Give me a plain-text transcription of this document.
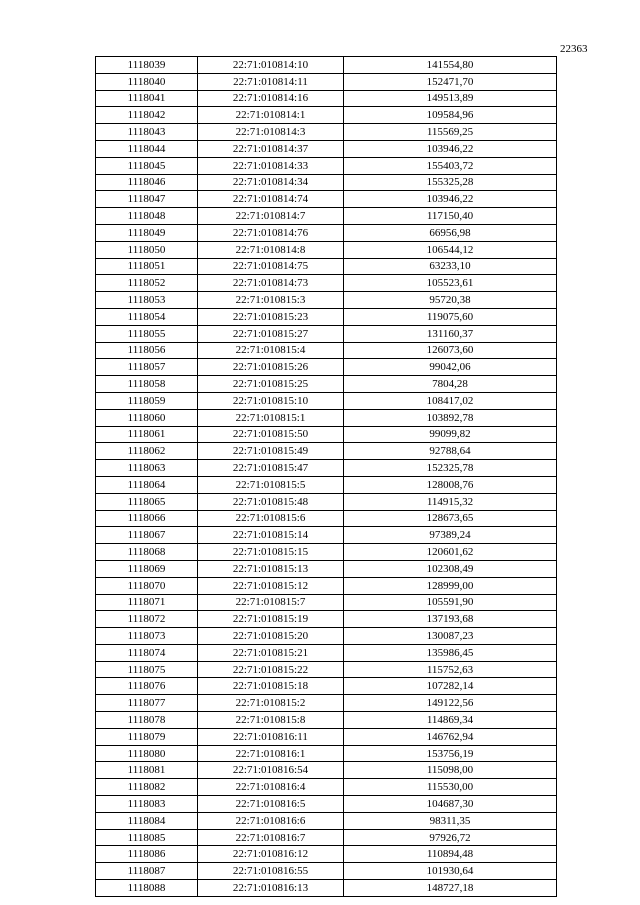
22363
1118039	22:71:010814:10	141554,80
1118040	22:71:010814:11	152471,70
1118041	22:71:010814:16	149513,89
1118042	22:71:010814:1	109584,96
1118043	22:71:010814:3	115569,25
1118044	22:71:010814:37	103946,22
1118045	22:71:010814:33	155403,72
1118046	22:71:010814:34	155325,28
1118047	22:71:010814:74	103946,22
1118048	22:71:010814:7	117150,40
1118049	22:71:010814:76	66956,98
1118050	22:71:010814:8	106544,12
1118051	22:71:010814:75	63233,10
1118052	22:71:010814:73	105523,61
1118053	22:71:010815:3	95720,38
1118054	22:71:010815:23	119075,60
1118055	22:71:010815:27	131160,37
1118056	22:71:010815:4	126073,60
1118057	22:71:010815:26	99042,06
1118058	22:71:010815:25	7804,28
1118059	22:71:010815:10	108417,02
1118060	22:71:010815:1	103892,78
1118061	22:71:010815:50	99099,82
1118062	22:71:010815:49	92788,64
1118063	22:71:010815:47	152325,78
1118064	22:71:010815:5	128008,76
1118065	22:71:010815:48	114915,32
1118066	22:71:010815:6	128673,65
1118067	22:71:010815:14	97389,24
1118068	22:71:010815:15	120601,62
1118069	22:71:010815:13	102308,49
1118070	22:71:010815:12	128999,00
1118071	22:71:010815:7	105591,90
1118072	22:71:010815:19	137193,68
1118073	22:71:010815:20	130087,23
1118074	22:71:010815:21	135986,45
1118075	22:71:010815:22	115752,63
1118076	22:71:010815:18	107282,14
1118077	22:71:010815:2	149122,56
1118078	22:71:010815:8	114869,34
1118079	22:71:010816:11	146762,94
1118080	22:71:010816:1	153756,19
1118081	22:71:010816:54	115098,00
1118082	22:71:010816:4	115530,00
1118083	22:71:010816:5	104687,30
1118084	22:71:010816:6	98311,35
1118085	22:71:010816:7	97926,72
1118086	22:71:010816:12	110894,48
1118087	22:71:010816:55	101930,64
1118088	22:71:010816:13	148727,18
